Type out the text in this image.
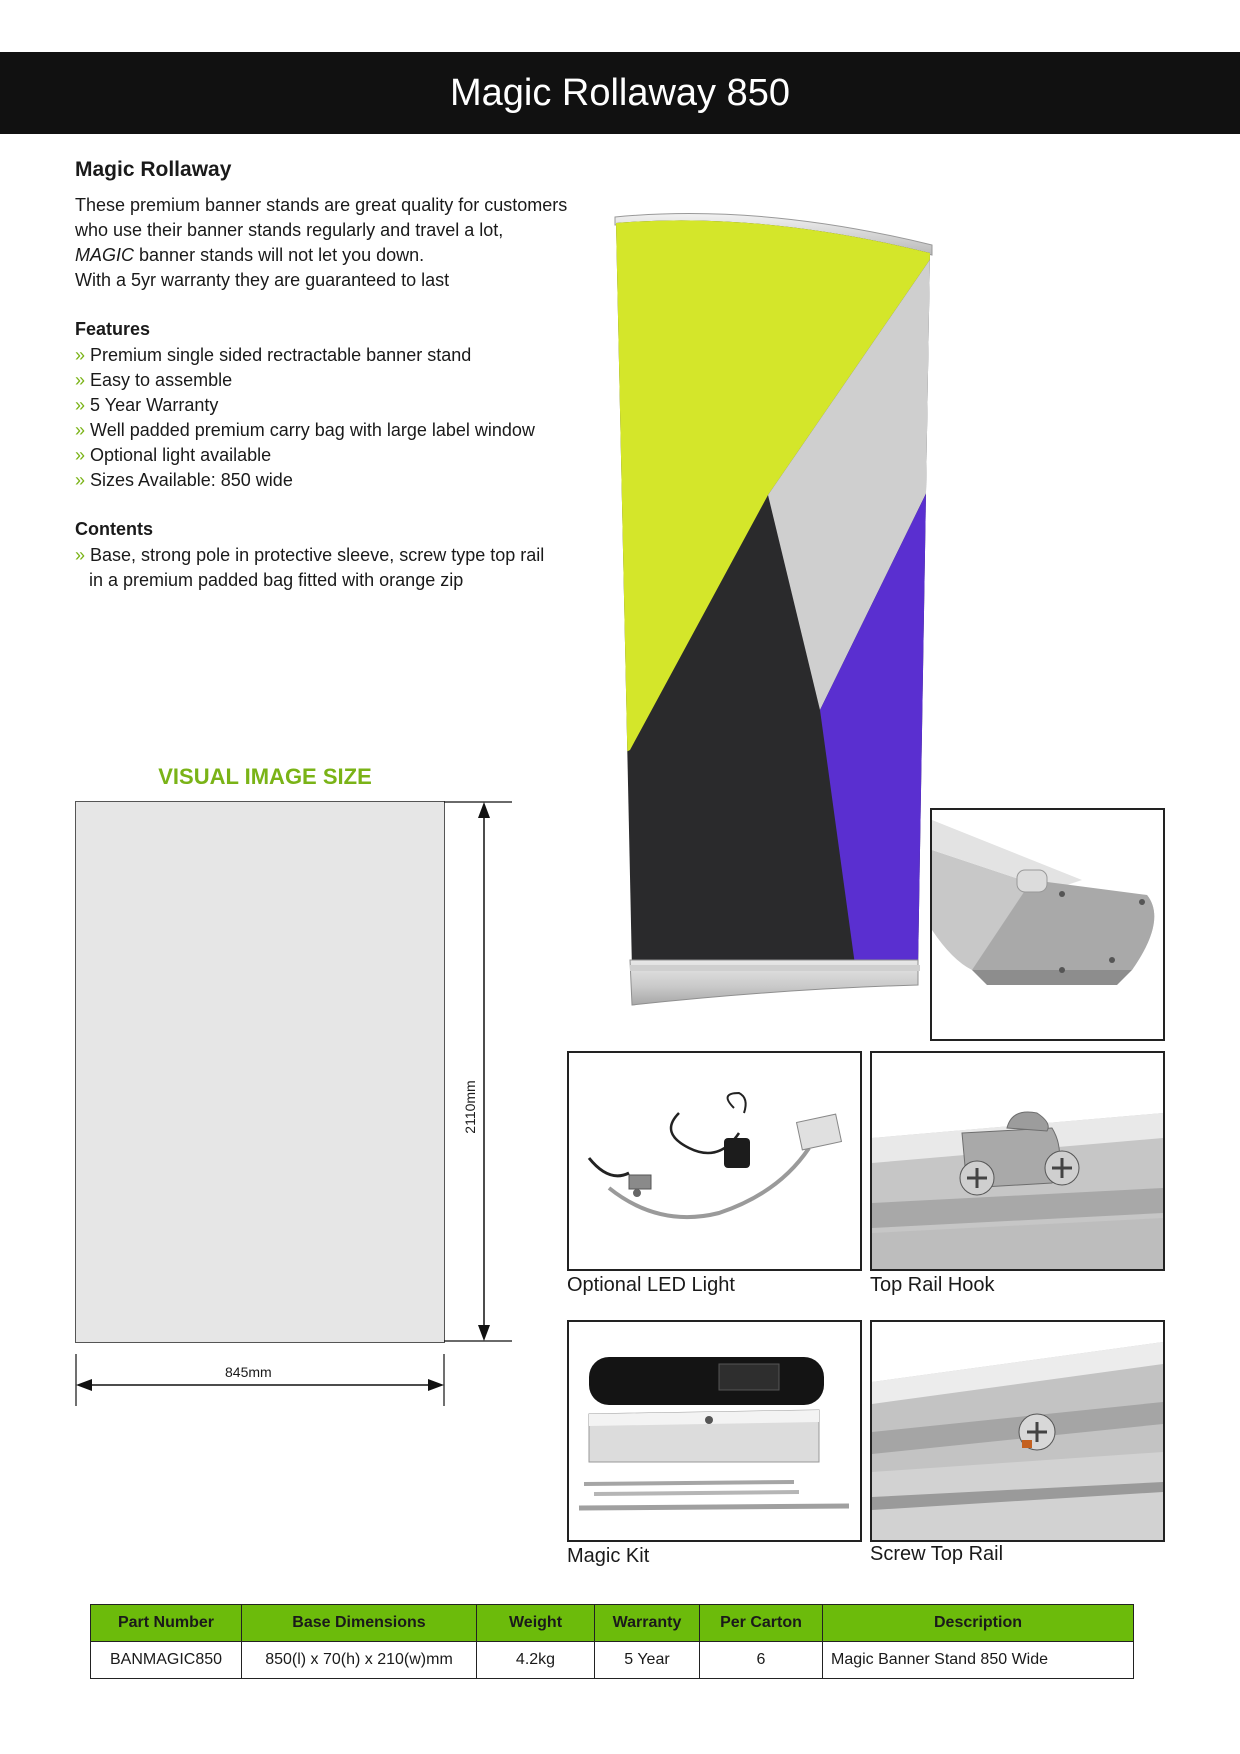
Magic Rollaway 850
Magic Rollaway
These premium banner stands are great quality for customers
who use their banner stands regularly and travel a lot,
MAGIC banner stands will not let you down.
With a 5yr warranty they are guaranteed to last
Features
» Premium single sided rectractable banner stand
» Easy to assemble
» 5 Year Warranty
» Well padded premium carry bag with large label window
» Optional light available
» Sizes Available: 850 wide
Contents
» Base, strong pole in protective sleeve, screw type top rail
in a premium padded bag fitted with orange zip
VISUAL IMAGE SIZE
2110mm
845mm
Optional LED Light	Top Rail Hook
Magic Kit	Screw Top Rail
Part Number	Base Dimensions	Weight	Warranty	Per Carton	Description
BANMAGIC850	850(l) x 70(h) x 210(w)mm	4.2kg	5 Year	6	Magic Banner Stand 850 Wide
